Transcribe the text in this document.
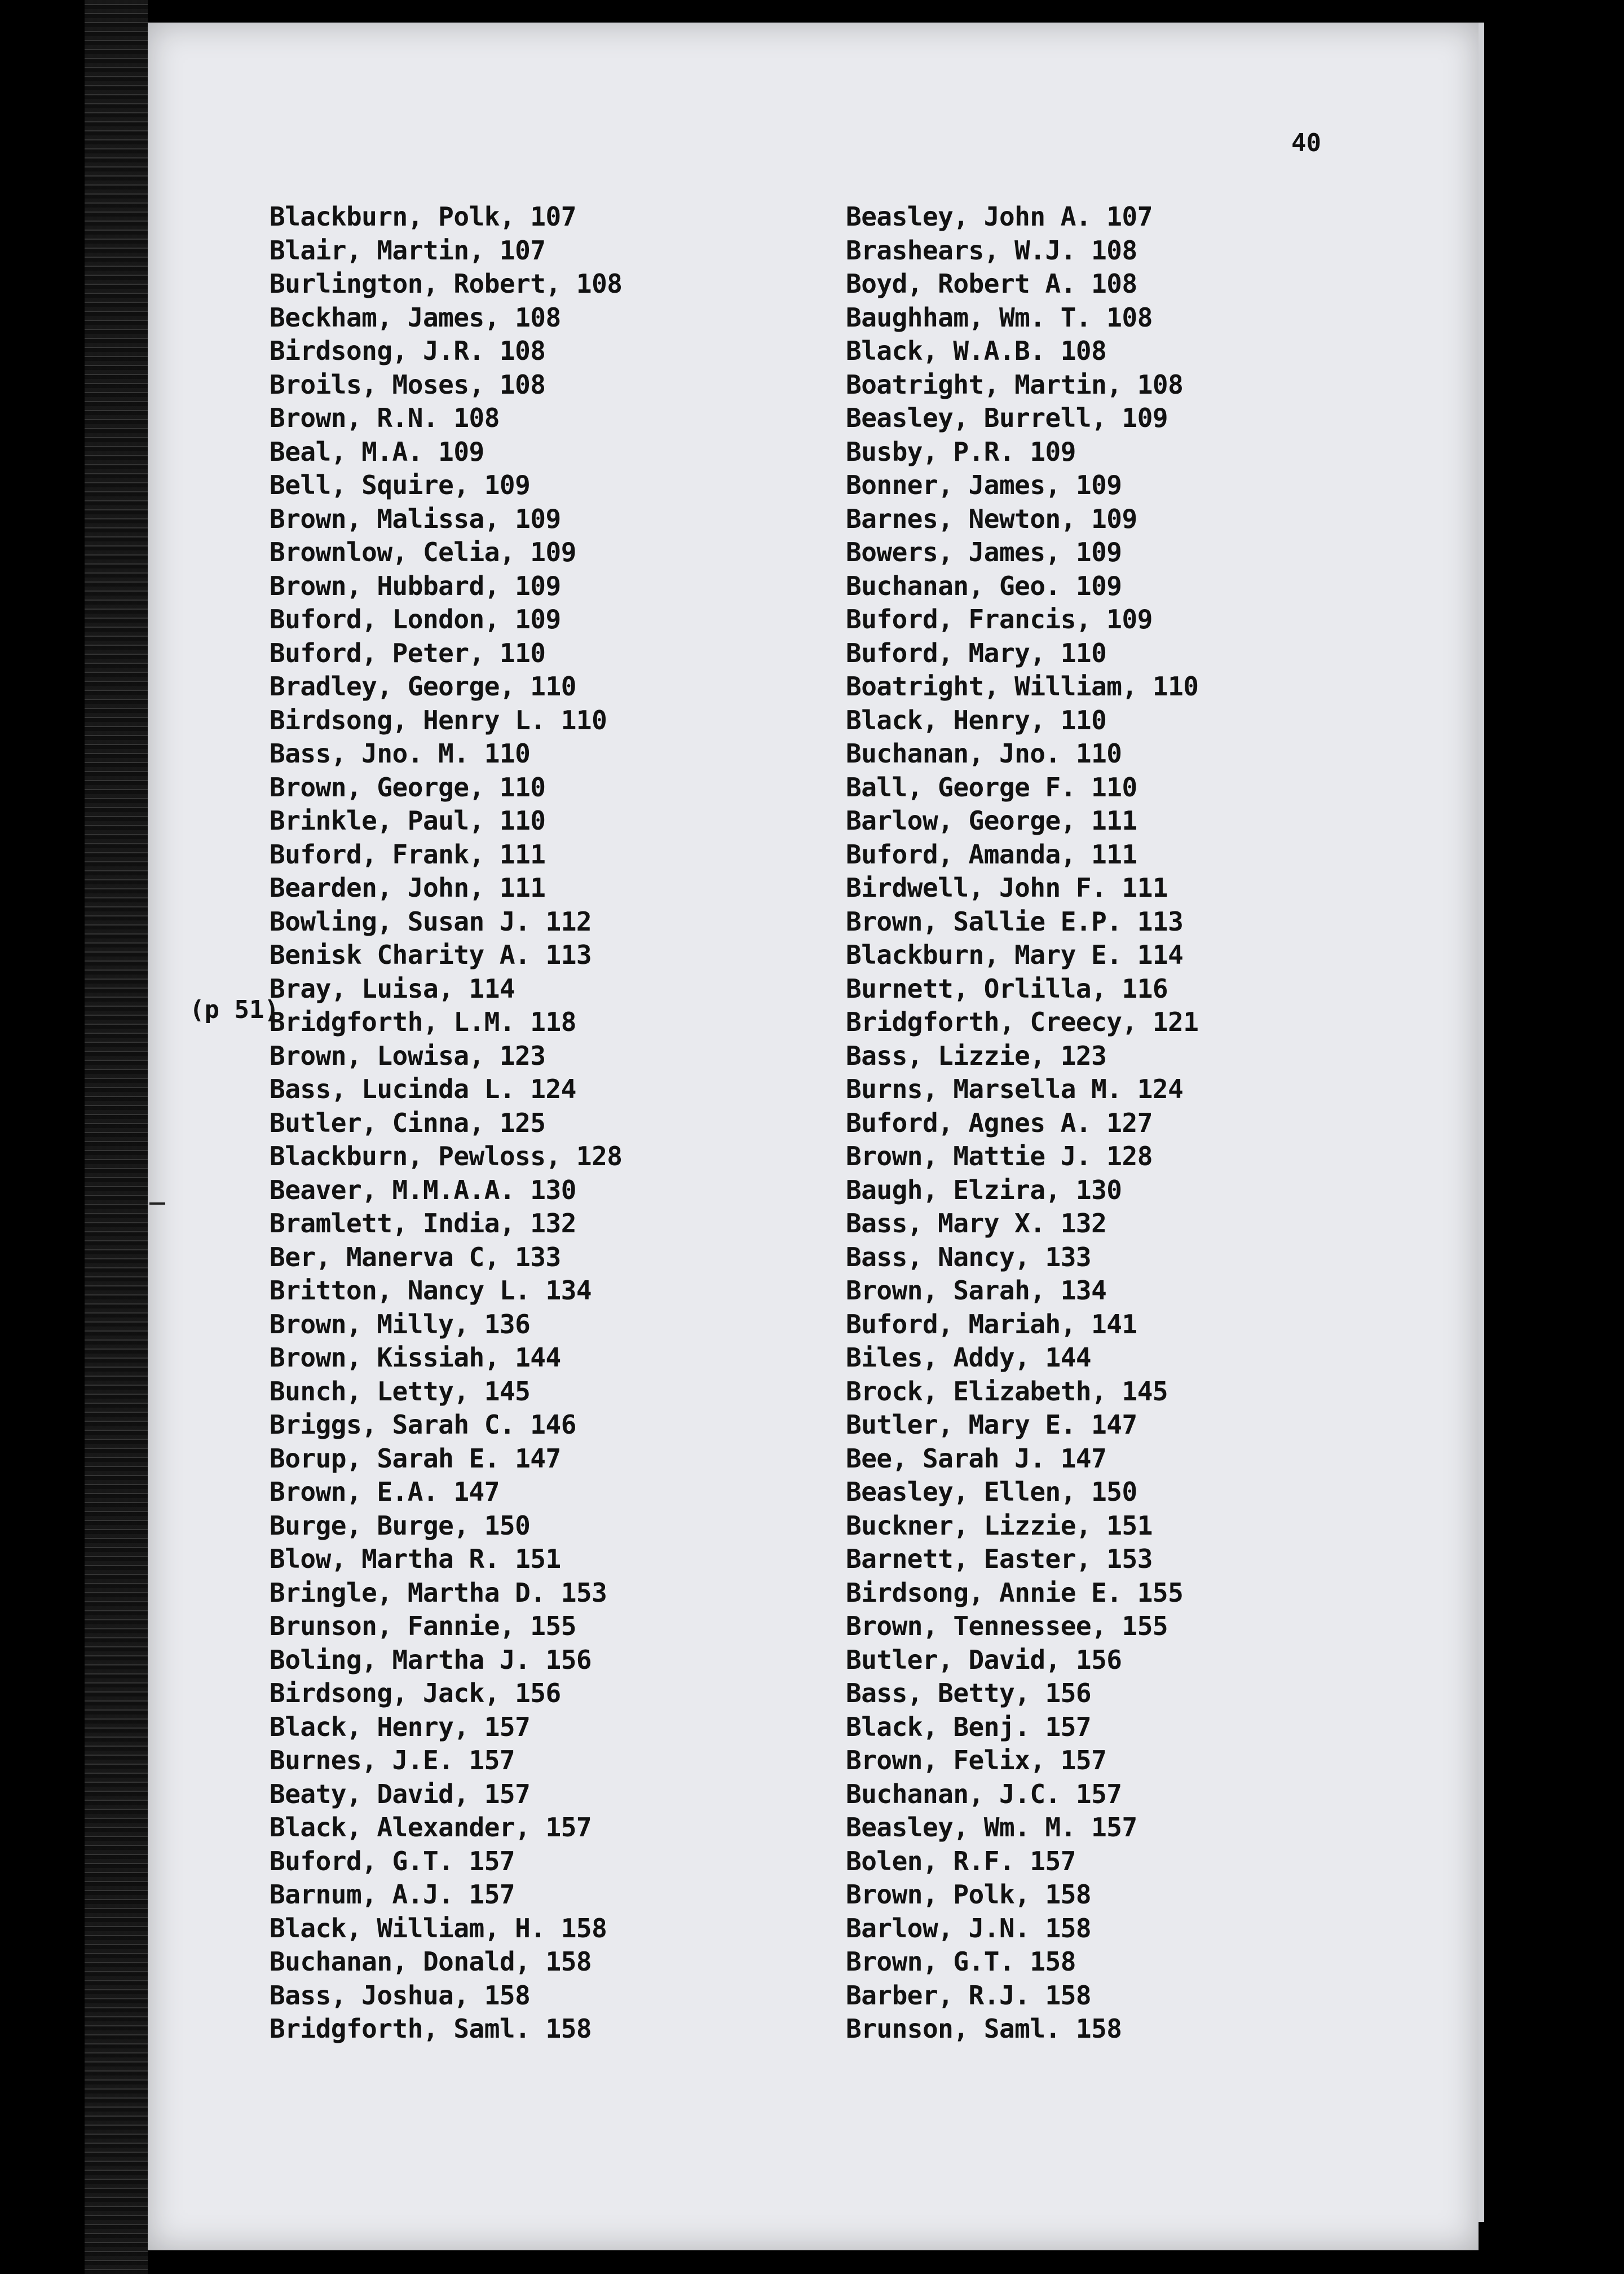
40
(p 51)
Blackburn, Polk, 107
Blair, Martin, 107
Burlington, Robert, 108
Beckham, James, 108
Birdsong, J.R. 108
Broils, Moses, 108
Brown, R.N. 108
Beal, M.A. 109
Bell, Squire, 109
Brown, Malissa, 109
Brownlow, Celia, 109
Brown, Hubbard, 109
Buford, London, 109
Buford, Peter, 110
Bradley, George, 110
Birdsong, Henry L. 110
Bass, Jno. M. 110
Brown, George, 110
Brinkle, Paul, 110
Buford, Frank, 111
Bearden, John, 111
Bowling, Susan J. 112
Benisk Charity A. 113
Bray, Luisa, 114
Bridgforth, L.M. 118
Brown, Lowisa, 123
Bass, Lucinda L. 124
Butler, Cinna, 125
Blackburn, Pewloss, 128
Beaver, M.M.A.A. 130
Bramlett, India, 132
Ber, Manerva C, 133
Britton, Nancy L. 134
Brown, Milly, 136
Brown, Kissiah, 144
Bunch, Letty, 145
Briggs, Sarah C. 146
Borup, Sarah E. 147
Brown, E.A. 147
Burge, Burge, 150
Blow, Martha R. 151
Bringle, Martha D. 153
Brunson, Fannie, 155
Boling, Martha J. 156
Birdsong, Jack, 156
Black, Henry, 157
Burnes, J.E. 157
Beaty, David, 157
Black, Alexander, 157
Buford, G.T. 157
Barnum, A.J. 157
Black, William, H. 158
Buchanan, Donald, 158
Bass, Joshua, 158
Bridgforth, Saml. 158
Beasley, John A. 107
Brashears, W.J. 108
Boyd, Robert A. 108
Baughham, Wm. T. 108
Black, W.A.B. 108
Boatright, Martin, 108
Beasley, Burrell, 109
Busby, P.R. 109
Bonner, James, 109
Barnes, Newton, 109
Bowers, James, 109
Buchanan, Geo. 109
Buford, Francis, 109
Buford, Mary, 110
Boatright, William, 110
Black, Henry, 110
Buchanan, Jno. 110
Ball, George F. 110
Barlow, George, 111
Buford, Amanda, 111
Birdwell, John F. 111
Brown, Sallie E.P. 113
Blackburn, Mary E. 114
Burnett, Orlilla, 116
Bridgforth, Creecy, 121
Bass, Lizzie, 123
Burns, Marsella M. 124
Buford, Agnes A. 127
Brown, Mattie J. 128
Baugh, Elzira, 130
Bass, Mary X. 132
Bass, Nancy, 133
Brown, Sarah, 134
Buford, Mariah, 141
Biles, Addy, 144
Brock, Elizabeth, 145
Butler, Mary E. 147
Bee, Sarah J. 147
Beasley, Ellen, 150
Buckner, Lizzie, 151
Barnett, Easter, 153
Birdsong, Annie E. 155
Brown, Tennessee, 155
Butler, David, 156
Bass, Betty, 156
Black, Benj. 157
Brown, Felix, 157
Buchanan, J.C. 157
Beasley, Wm. M. 157
Bolen, R.F. 157
Brown, Polk, 158
Barlow, J.N. 158
Brown, G.T. 158
Barber, R.J. 158
Brunson, Saml. 158
